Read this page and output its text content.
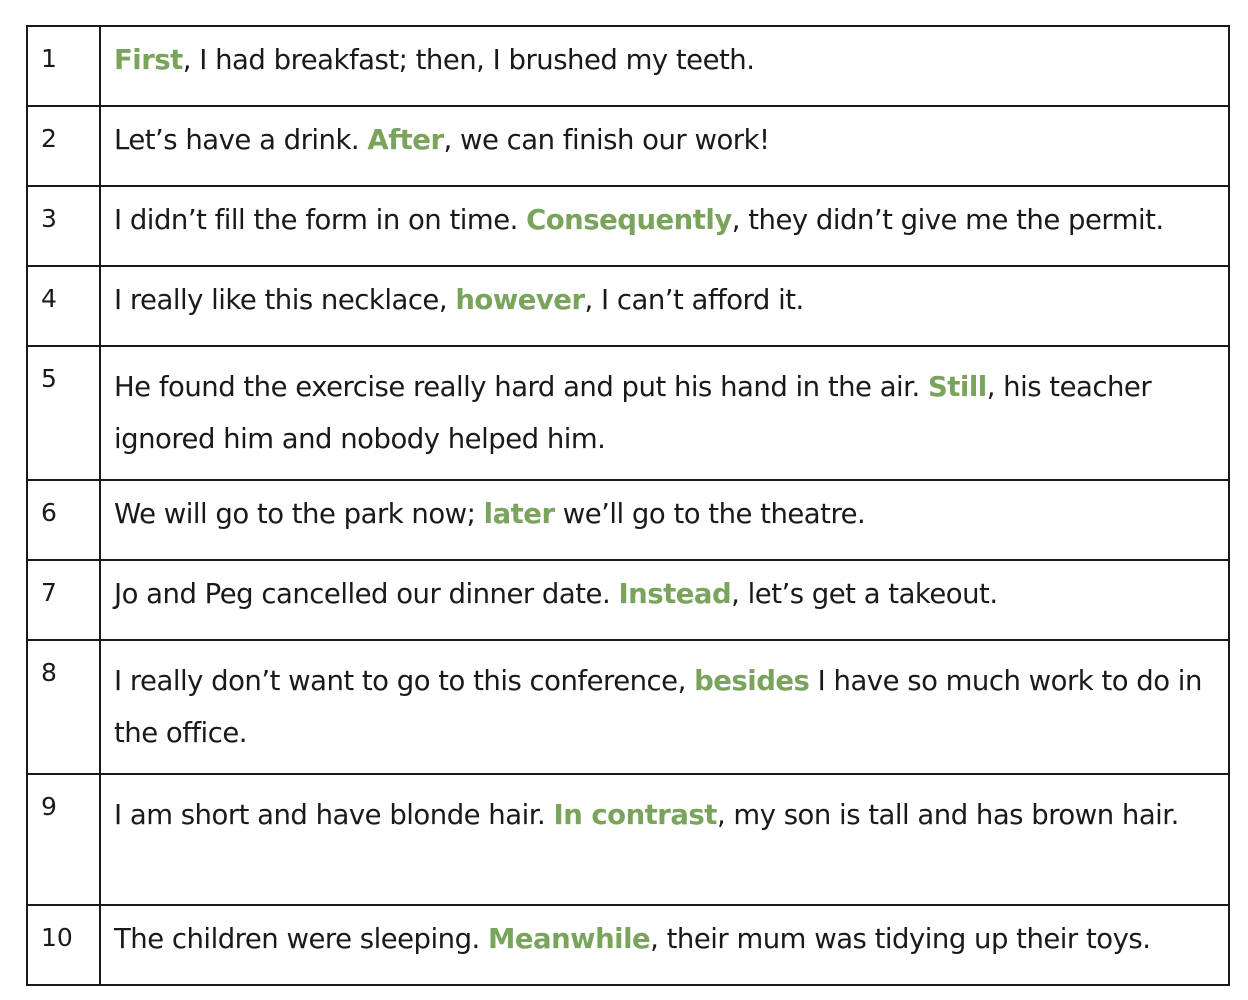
1	First, I had breakfast; then, I brushed my teeth.

2	Let’s have a drink. After, we can finish our work!

3	I didn’t fill the form in on time. Consequently, they didn’t give me the permit.

4	I really like this necklace, however, I can’t afford it.

5	He found the exercise really hard and put his hand in the air. Still, his teacher ignored him and nobody helped him.
6	We will go to the park now; later we’ll go to the theatre.

7	Jo and Peg cancelled our dinner date. Instead, let’s get a takeout.

8	I really don’t want to go to this conference, besides I have so much work to do in the office.
9	I am short and have blonde hair. In contrast, my son is tall and has brown hair.
10	The children were sleeping. Meanwhile, their mum was tidying up their toys.
